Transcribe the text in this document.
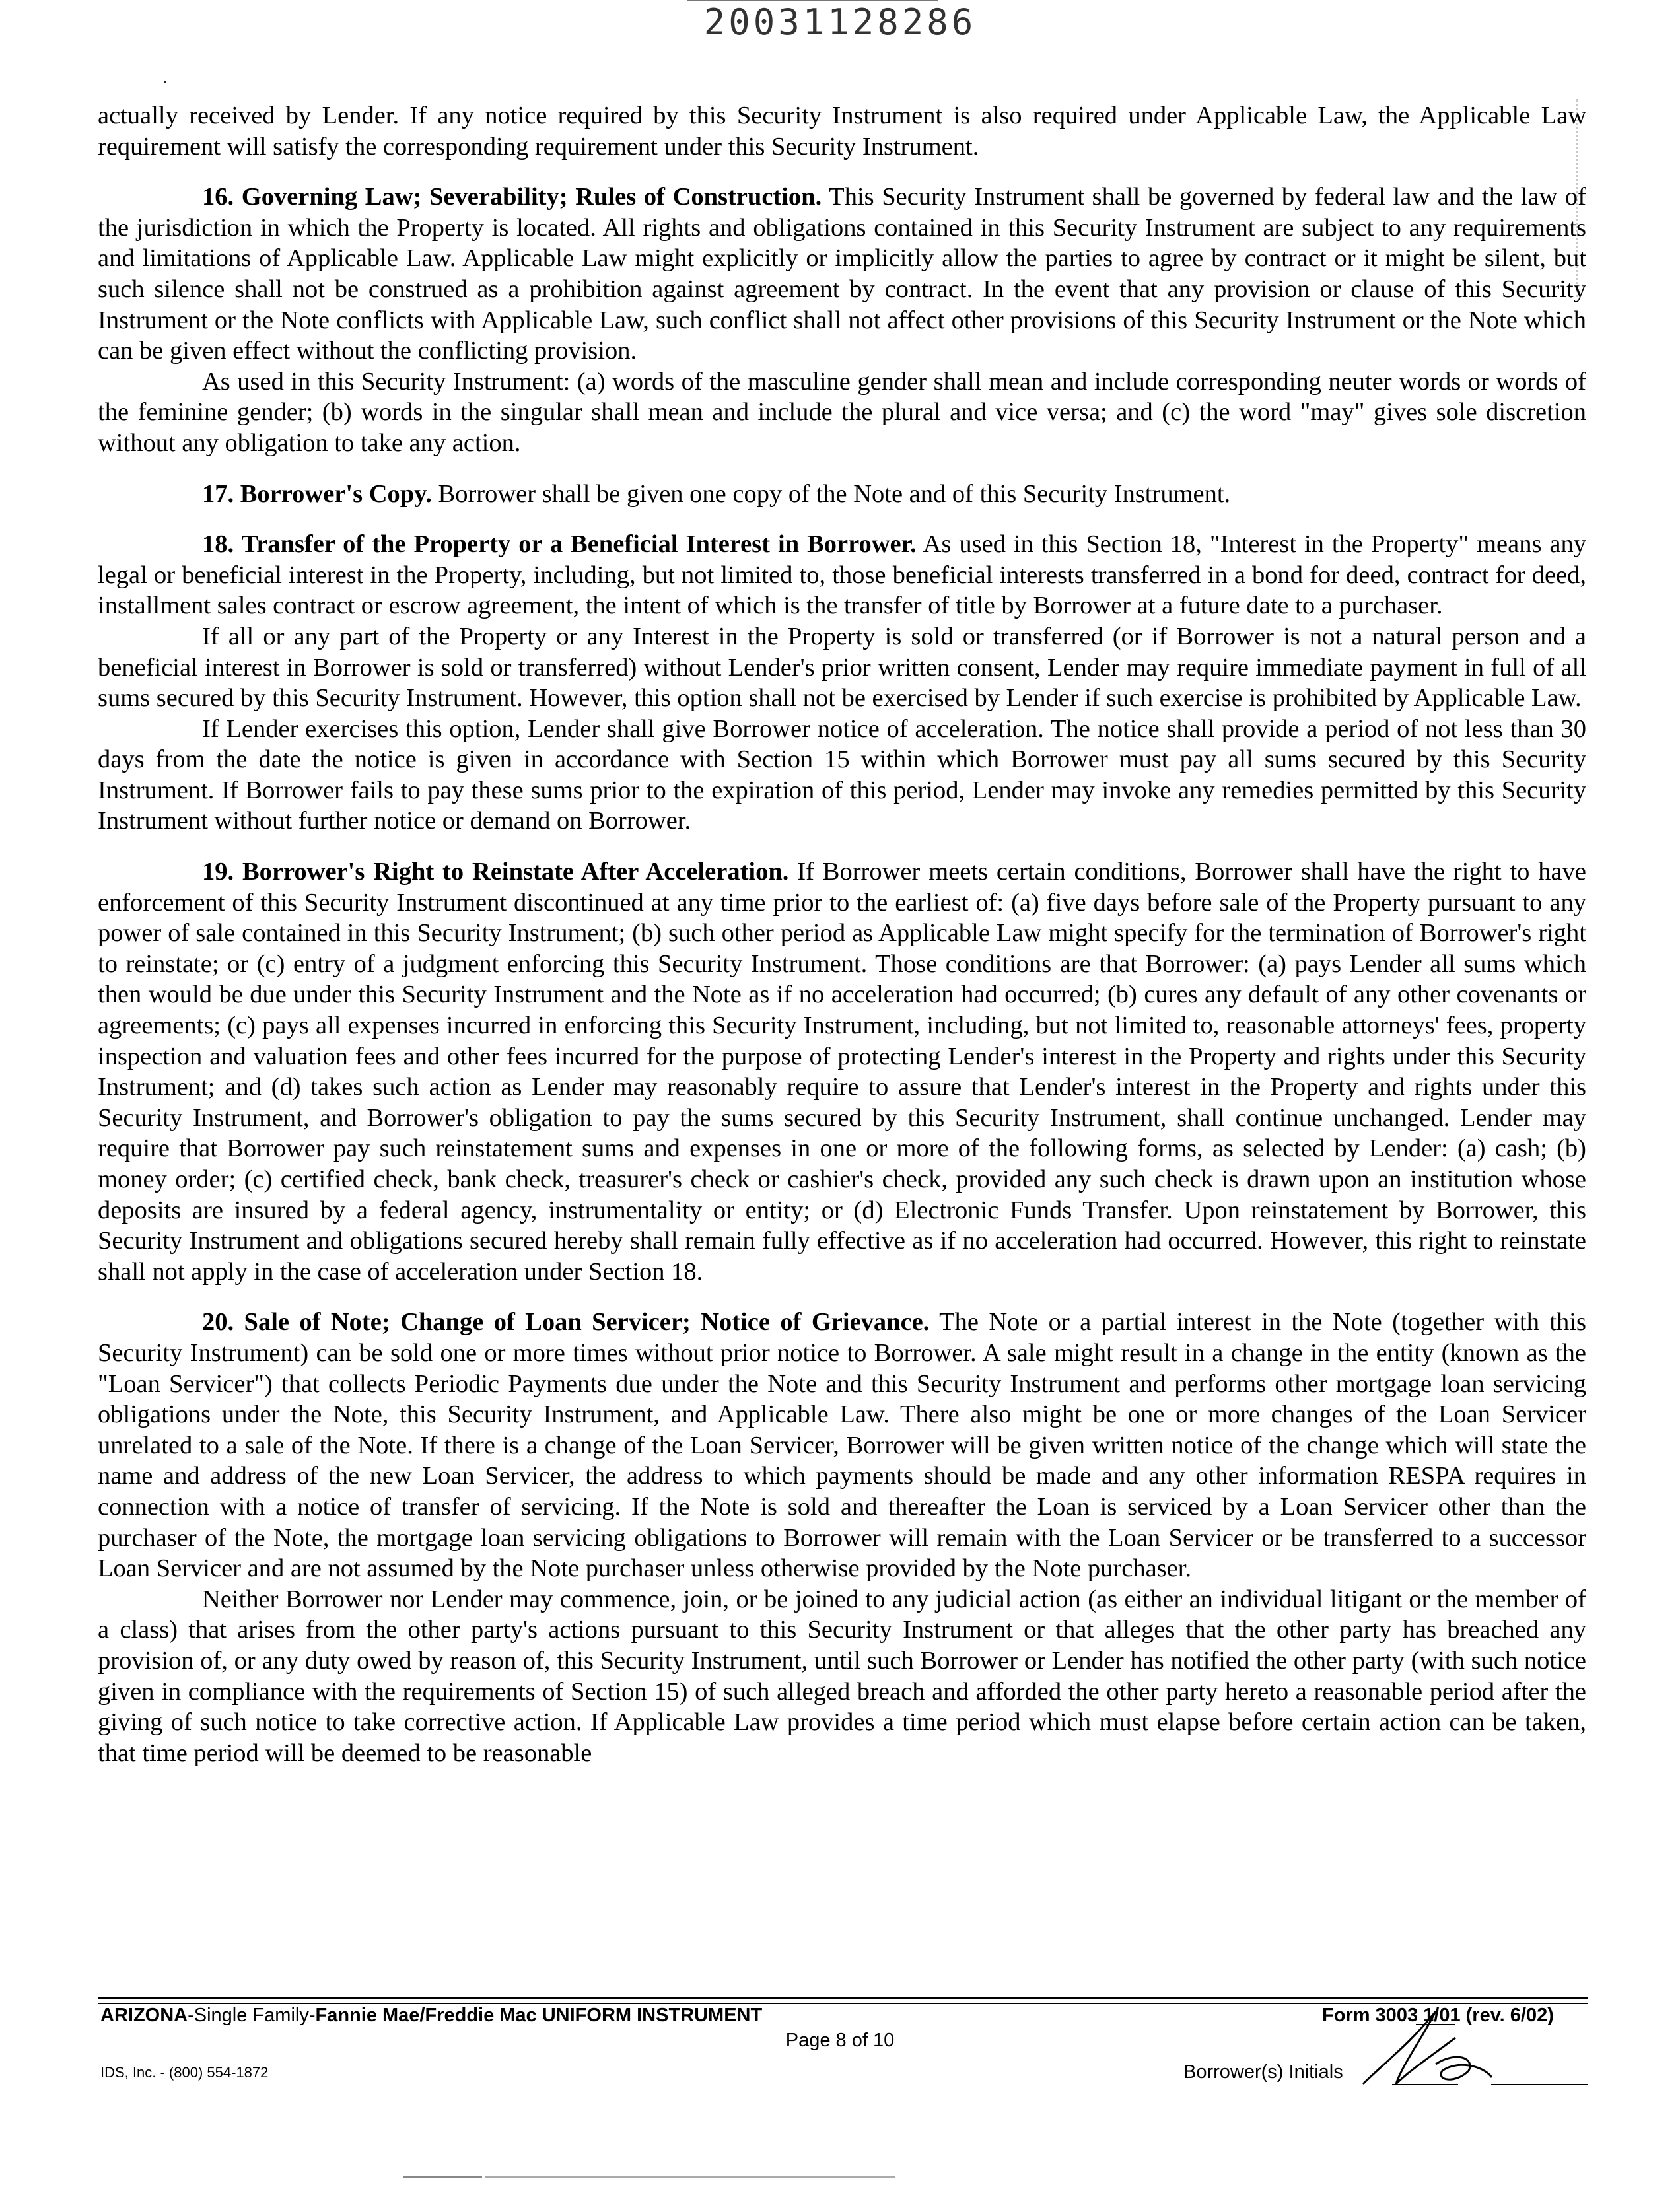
20031128286

actually received by Lender. If any notice required by this Security Instrument is also required under Applicable Law, the Applicable Law requirement will satisfy the corresponding requirement under this Security Instrument.

16. Governing Law; Severability; Rules of Construction. This Security Instrument shall be governed by federal law and the law of the jurisdiction in which the Property is located. All rights and obligations contained in this Security Instrument are subject to any requirements and limitations of Applicable Law. Applicable Law might explicitly or implicitly allow the parties to agree by contract or it might be silent, but such silence shall not be construed as a prohibition against agreement by contract. In the event that any provision or clause of this Security Instrument or the Note conflicts with Applicable Law, such conflict shall not affect other provisions of this Security Instrument or the Note which can be given effect without the conflicting provision.

As used in this Security Instrument: (a) words of the masculine gender shall mean and include corresponding neuter words or words of the feminine gender; (b) words in the singular shall mean and include the plural and vice versa; and (c) the word "may" gives sole discretion without any obligation to take any action.

17. Borrower's Copy. Borrower shall be given one copy of the Note and of this Security Instrument.

18. Transfer of the Property or a Beneficial Interest in Borrower. As used in this Section 18, "Interest in the Property" means any legal or beneficial interest in the Property, including, but not limited to, those beneficial interests transferred in a bond for deed, contract for deed, installment sales contract or escrow agreement, the intent of which is the transfer of title by Borrower at a future date to a purchaser.

If all or any part of the Property or any Interest in the Property is sold or transferred (or if Borrower is not a natural person and a beneficial interest in Borrower is sold or transferred) without Lender's prior written consent, Lender may require immediate payment in full of all sums secured by this Security Instrument. However, this option shall not be exercised by Lender if such exercise is prohibited by Applicable Law.

If Lender exercises this option, Lender shall give Borrower notice of acceleration. The notice shall provide a period of not less than 30 days from the date the notice is given in accordance with Section 15 within which Borrower must pay all sums secured by this Security Instrument. If Borrower fails to pay these sums prior to the expiration of this period, Lender may invoke any remedies permitted by this Security Instrument without further notice or demand on Borrower.

19. Borrower's Right to Reinstate After Acceleration. If Borrower meets certain conditions, Borrower shall have the right to have enforcement of this Security Instrument discontinued at any time prior to the earliest of: (a) five days before sale of the Property pursuant to any power of sale contained in this Security Instrument; (b) such other period as Applicable Law might specify for the termination of Borrower's right to reinstate; or (c) entry of a judgment enforcing this Security Instrument. Those conditions are that Borrower: (a) pays Lender all sums which then would be due under this Security Instrument and the Note as if no acceleration had occurred; (b) cures any default of any other covenants or agreements; (c) pays all expenses incurred in enforcing this Security Instrument, including, but not limited to, reasonable attorneys' fees, property inspection and valuation fees and other fees incurred for the purpose of protecting Lender's interest in the Property and rights under this Security Instrument; and (d) takes such action as Lender may reasonably require to assure that Lender's interest in the Property and rights under this Security Instrument, and Borrower's obligation to pay the sums secured by this Security Instrument, shall continue unchanged. Lender may require that Borrower pay such reinstatement sums and expenses in one or more of the following forms, as selected by Lender: (a) cash; (b) money order; (c) certified check, bank check, treasurer's check or cashier's check, provided any such check is drawn upon an institution whose deposits are insured by a federal agency, instrumentality or entity; or (d) Electronic Funds Transfer. Upon reinstatement by Borrower, this Security Instrument and obligations secured hereby shall remain fully effective as if no acceleration had occurred. However, this right to reinstate shall not apply in the case of acceleration under Section 18.

20. Sale of Note; Change of Loan Servicer; Notice of Grievance. The Note or a partial interest in the Note (together with this Security Instrument) can be sold one or more times without prior notice to Borrower. A sale might result in a change in the entity (known as the "Loan Servicer") that collects Periodic Payments due under the Note and this Security Instrument and performs other mortgage loan servicing obligations under the Note, this Security Instrument, and Applicable Law. There also might be one or more changes of the Loan Servicer unrelated to a sale of the Note. If there is a change of the Loan Servicer, Borrower will be given written notice of the change which will state the name and address of the new Loan Servicer, the address to which payments should be made and any other information RESPA requires in connection with a notice of transfer of servicing. If the Note is sold and thereafter the Loan is serviced by a Loan Servicer other than the purchaser of the Note, the mortgage loan servicing obligations to Borrower will remain with the Loan Servicer or be transferred to a successor Loan Servicer and are not assumed by the Note purchaser unless otherwise provided by the Note purchaser.

Neither Borrower nor Lender may commence, join, or be joined to any judicial action (as either an individual litigant or the member of a class) that arises from the other party's actions pursuant to this Security Instrument or that alleges that the other party has breached any provision of, or any duty owed by reason of, this Security Instrument, until such Borrower or Lender has notified the other party (with such notice given in compliance with the requirements of Section 15) of such alleged breach and afforded the other party hereto a reasonable period after the giving of such notice to take corrective action. If Applicable Law provides a time period which must elapse before certain action can be taken, that time period will be deemed to be reasonable

ARIZONA-Single Family-Fannie Mae/Freddie Mac UNIFORM INSTRUMENT	Form 3003 1/01 (rev. 6/02)
Page 8 of 10
IDS, Inc. - (800) 554-1872	Borrower(s) Initials
